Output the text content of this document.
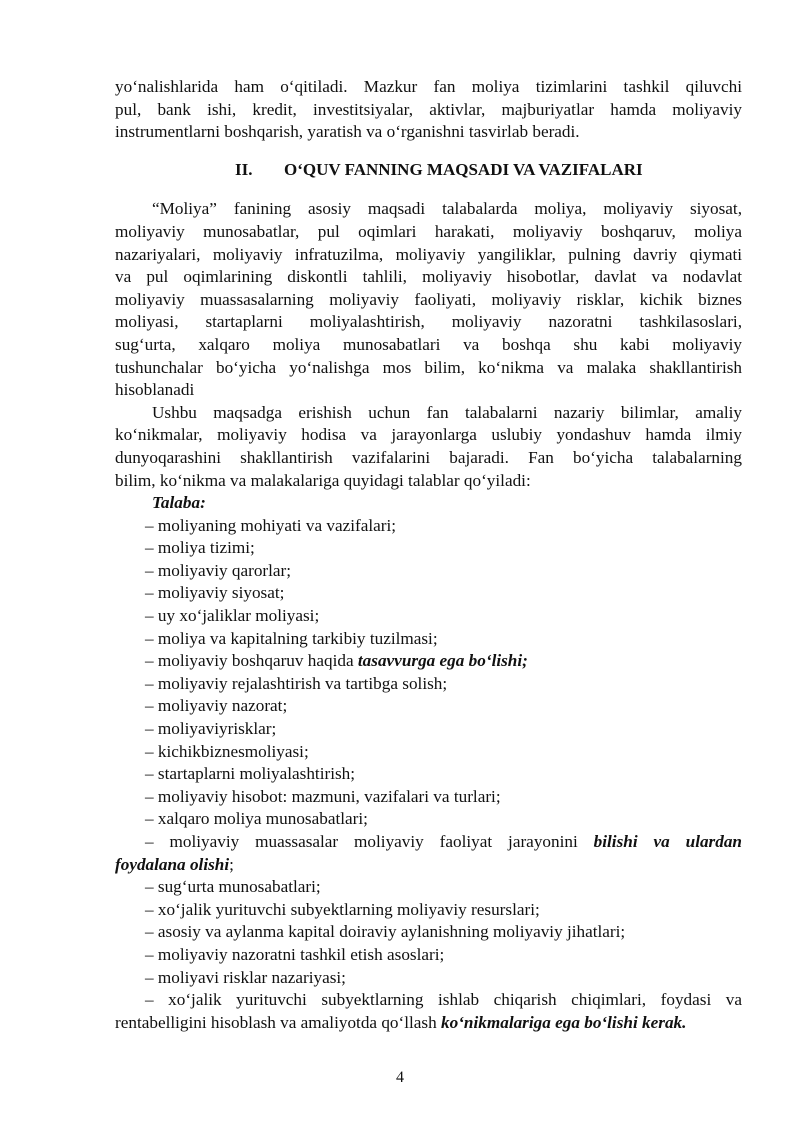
yo‘nalishlarida ham o‘qitiladi. Mazkur fan moliya tizimlarini tashkil qiluvchi

pul, bank ishi, kredit, investitsiyalar, aktivlar, majburiyatlar hamda moliyaviy

instrumentlarni boshqarish, yaratish va o‘rganishni tasvirlab beradi.

II. O‘QUV FANNING MAQSADI VA VAZIFALARI

“Moliya” fanining asosiy maqsadi talabalarda moliya, moliyaviy siyosat,

moliyaviy munosabatlar, pul oqimlari harakati, moliyaviy boshqaruv, moliya

nazariyalari, moliyaviy infratuzilma, moliyaviy yangiliklar, pulning davriy qiymati

va pul oqimlarining diskontli tahlili, moliyaviy hisobotlar, davlat va nodavlat

moliyaviy muassasalarning moliyaviy faoliyati, moliyaviy risklar, kichik biznes

moliyasi, startaplarni moliyalashtirish, moliyaviy nazoratni tashkilasoslari,

sug‘urta, xalqaro moliya munosabatlari va boshqa shu kabi moliyaviy

tushunchalar bo‘yicha yo‘nalishga mos bilim, ko‘nikma va malaka shakllantirish

hisoblanadi

Ushbu maqsadga erishish uchun fan talabalarni nazariy bilimlar, amaliy

ko‘nikmalar, moliyaviy hodisa va jarayonlarga uslubiy yondashuv hamda ilmiy

dunyoqarashini shakllantirish vazifalarini bajaradi. Fan bo‘yicha talabalarning

bilim, ko‘nikma va malakalariga quyidagi talablar qo‘yiladi:

Talaba:

– moliyaning mohiyati va vazifalari;
– moliya tizimi;
– moliyaviy qarorlar;
– moliyaviy siyosat;
– uy xo‘jaliklar moliyasi;
– moliya va kapitalning tarkibiy tuzilmasi;
– moliyaviy boshqaruv haqida tasavvurga ega bo‘lishi;
– moliyaviy rejalashtirish va tartibga solish;
– moliyaviy nazorat;
– moliyaviyrisklar;
– kichikbiznesmoliyasi;
– startaplarni moliyalashtirish;
– moliyaviy hisobot: mazmuni, vazifalari va turlari;
– xalqaro moliya munosabatlari;
– moliyaviy muassasalar moliyaviy faoliyat jarayonini bilishi va ulardan
foydalana olishi;
– sug‘urta munosabatlari;
– xo‘jalik yurituvchi subyektlarning moliyaviy resurslari;
– asosiy va aylanma kapital doiraviy aylanishning moliyaviy jihatlari;
– moliyaviy nazoratni tashkil etish asoslari;
– moliyavi risklar nazariyasi;
– xo‘jalik yurituvchi subyektlarning ishlab chiqarish chiqimlari, foydasi va
rentabelligini hisoblash va amaliyotda qo‘llash ko‘nikmalariga ega bo‘lishi kerak.
4
